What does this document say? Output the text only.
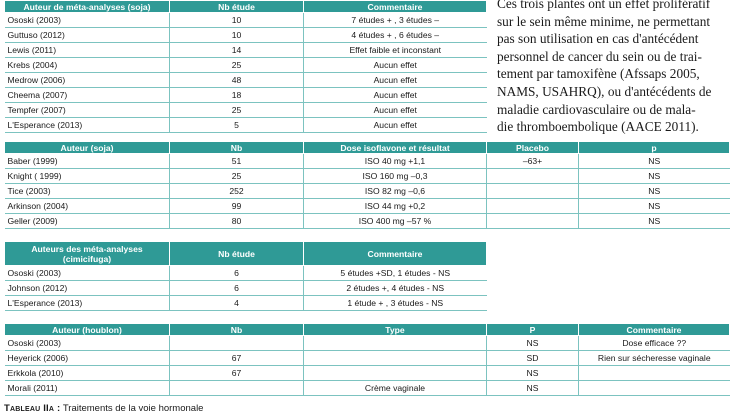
Auteur de méta-analyses (soja)	Nb étude	Commentaire
Ososki (2003)	10	7 études + , 3 études –
Guttuso (2012)	10	4 études + , 6 études –
Lewis (2011)	14	Effet faible et inconstant
Krebs (2004)	25	Aucun effet
Medrow (2006)	48	Aucun effet
Cheema (2007)	18	Aucun effet
Tempfer (2007)	25	Aucun effet
L'Esperance (2013)	5	Aucun effet
Auteur (soja)	Nb	Dose isoflavone et résultat	Placebo	p
Baber (1999)	51	ISO 40 mg +1,1	–63+	NS
Knight ( 1999)	25	ISO 160 mg –0,3		NS
Tice (2003)	252	ISO 82 mg –0,6		NS
Arkinson (2004)	99	ISO 44 mg +0,2		NS
Geller (2009)	80	ISO 400 mg –57 %		NS
Auteurs des méta-analyses (cimicifuga)	Nb étude	Commentaire
Ososki (2003)	6	5 études +SD, 1 études - NS
Johnson (2012)	6	2 études +, 4 études - NS
L'Esperance (2013)	4	1 étude + , 3 études - NS
Auteur (houblon)	Nb	Type	P	Commentaire
Ososki (2003)			NS	Dose efficace ??
Heyerick (2006)	67		SD	Rien sur sécheresse vaginale
Erkkola (2010)	67		NS	
Morali (2011)		Crème vaginale	NS	
Ces trois plantes ont un effet prolifératif
sur le sein même minime, ne permettant
pas son utilisation en cas d'antécédent
personnel de cancer du sein ou de trai-
tement par tamoxifène (Afssaps 2005,
NAMS, USAHRQ), ou d'antécédents de
maladie cardiovasculaire ou de mala-
die thromboembolique (AACE 2011).
Tableau IIa : Traitements de la voie hormonale
